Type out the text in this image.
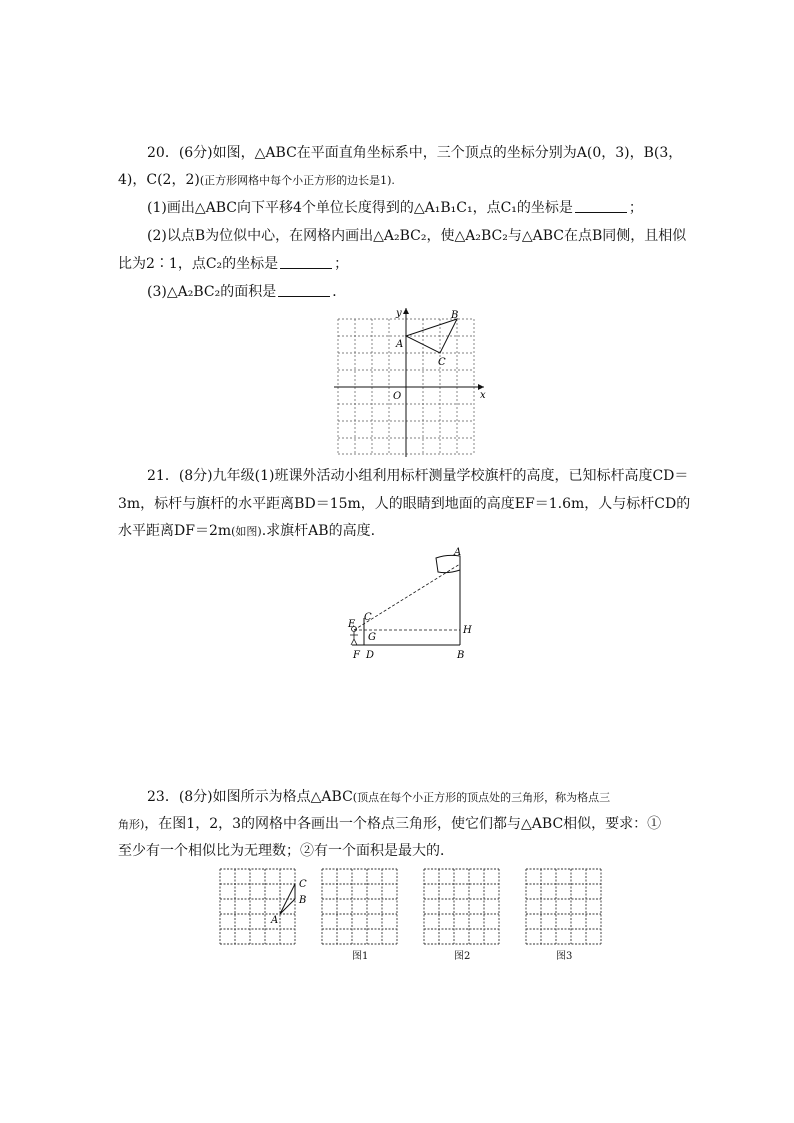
20．(6分)如图，△ABC在平面直角坐标系中，三个顶点的坐标分别为A(0，3)，B(3，
4)，C(2，2)(正方形网格中每个小正方形的边长是1).
(1)画出△ABC向下平移4个单位长度得到的△A₁B₁C₁，点C₁的坐标是	；
(2)以点B为位似中心，在网格内画出△A₂BC₂，使△A₂BC₂与△ABC在点B同侧，且相似
比为2∶1，点C₂的坐标是	；
(3)△A₂BC₂的面积是	．
y
x
O
A
B
C
21．(8分)九年级(1)班课外活动小组利用标杆测量学校旗杆的高度，已知标杆高度CD＝
3m，标杆与旗杆的水平距离BD＝15m，人的眼睛到地面的高度EF＝1.6m，人与标杆CD的
水平距离DF＝2m(如图).求旗杆AB的高度.
A
C
E
G
H
F D	B
23．(8分)如图所示为格点△ABC(顶点在每个小正方形的顶点处的三角形，称为格点三
角形)，在图1，2，3的网格中各画出一个格点三角形，使它们都与△ABC相似，要求：①
至少有一个相似比为无理数；②有一个面积是最大的．
C
B
A
图1	图2	图3
